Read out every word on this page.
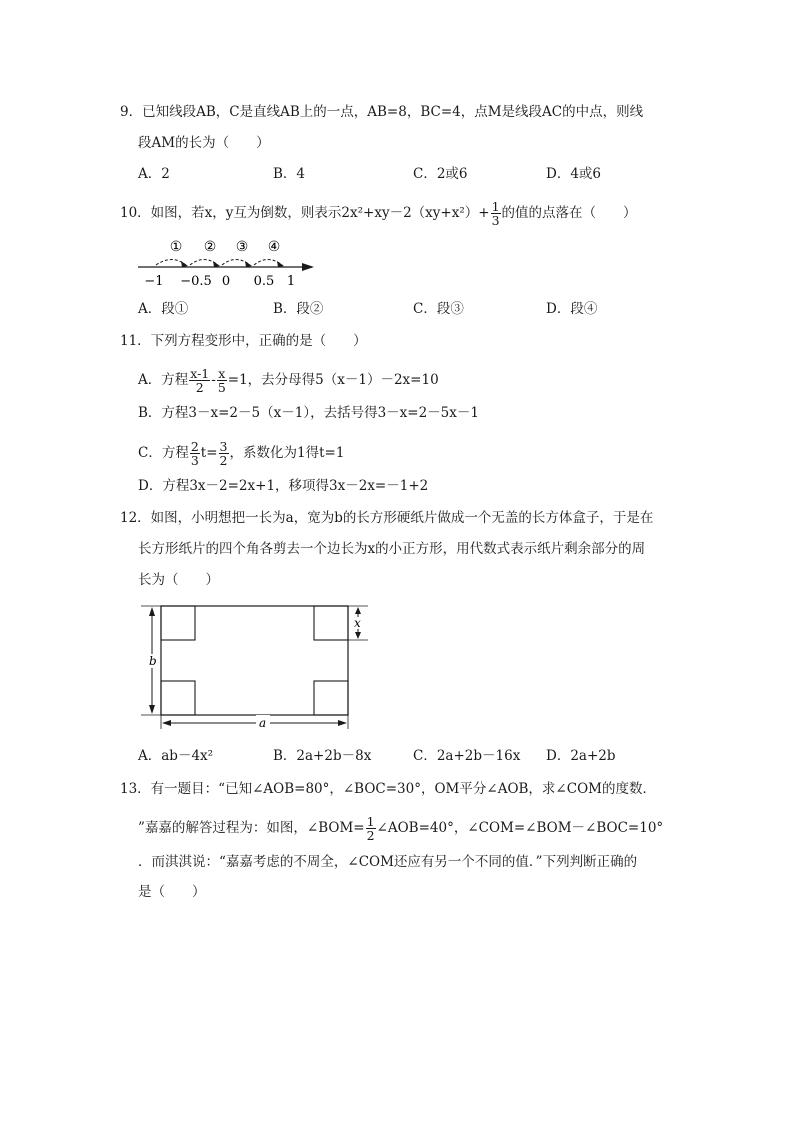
9．已知线段AB，C是直线AB上的一点，AB=8，BC=4，点M是线段AC的中点，则线
段AM的长为（　　）
A．2	B．4	C．2或6	D．4或6
10．如图，若x，y互为倒数，则表示$2x^2+xy-2(xy+x^2)+ \frac{1}{3}$ 的值的点落在（　　）
① ② ③ ④
−1 −0.5 0 0.5 1
A．段①	B．段②	C．段③	D．段④
11．下列方程变形中，正确的是（　　）
A．方程 $\frac{x-1}{2} - \frac{x}{5} =1$，去分母得5（x－1）－2x=10
B．方程3－x=2－5（x－1），去括号得3－x=2－5x－1
C．方程 $\frac{2}{3} t= \frac{3}{2}$ ，系数化为1得t=1
D．方程3x－2=2x+1，移项得3x－2x=－1+2
12．如图，小明想把一长为a，宽为b的长方形硬纸片做成一个无盖的长方体盒子，于是在
长方形纸片的四个角各剪去一个边长为x的小正方形，用代数式表示纸片剩余部分的周
长为（　　）
b
a
x
A．ab－4x²	B．2a+2b－8x	C．2a+2b－16x D．2a+2b
13．有一题目：“已知∠AOB=80°，∠BOC=30°，OM平分∠AOB，求∠COM的度数．
”嘉嘉的解答过程为：如图，∠BOM= $\frac{1}{2}$ ∠AOB=40°，∠COM=∠BOM－∠BOC=10°
．而淇淇说：“嘉嘉考虑的不周全，∠COM还应有另一个不同的值．”下列判断正确的
是（　　）
